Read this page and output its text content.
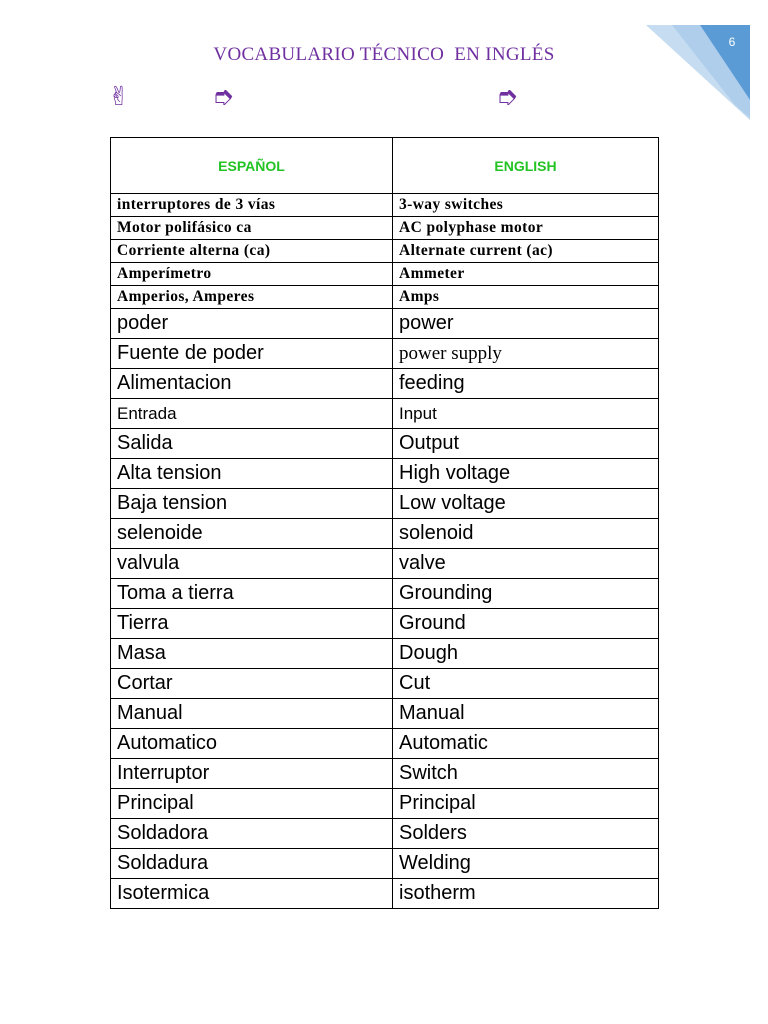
6
VOCABULARIO TÉCNICO  EN INGLÉS
✌	➮	➮
ESPAÑOL	ENGLISH
interruptores de 3 vías	3-way switches
Motor polifásico ca	AC polyphase motor
Corriente alterna (ca)	Alternate current (ac)
Amperímetro	Ammeter
Amperios, Amperes	Amps
poder	power
Fuente de poder	power supply
Alimentacion	feeding
Entrada	Input
Salida	Output
Alta tension	High voltage
Baja tension	Low voltage
selenoide	solenoid
valvula	valve
Toma a tierra	Grounding
Tierra	Ground
Masa	Dough
Cortar	Cut
Manual	Manual
Automatico	Automatic
Interruptor	Switch
Principal	Principal
Soldadora	Solders
Soldadura	Welding
Isotermica	isotherm
